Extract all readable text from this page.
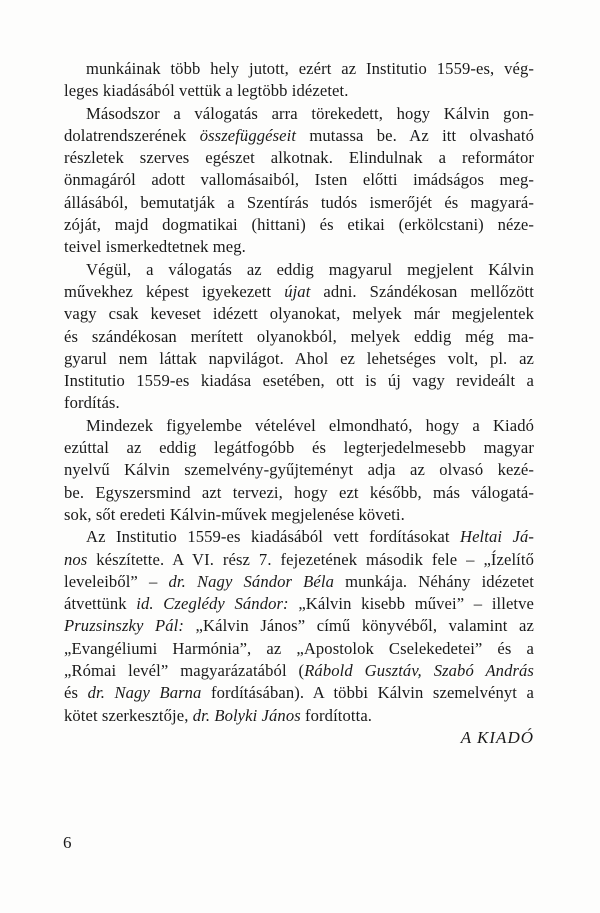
munkáinak több hely jutott, ezért az Institutio 1559-es, vég-
leges kiadásából vettük a legtöbb idézetet.
Másodszor a válogatás arra törekedett, hogy Kálvin gon-
dolatrendszerének összefüggéseit mutassa be. Az itt olvasható
részletek szerves egészet alkotnak. Elindulnak a reformátor
önmagáról adott vallomásaiból, Isten előtti imádságos meg-
állásából, bemutatják a Szentírás tudós ismerőjét és magyará-
zóját, majd dogmatikai (hittani) és etikai (erkölcstani) néze-
teivel ismerkedtetnek meg.
Végül, a válogatás az eddig magyarul megjelent Kálvin
művekhez képest igyekezett újat adni. Szándékosan mellőzött
vagy csak keveset idézett olyanokat, melyek már megjelentek
és szándékosan merített olyanokból, melyek eddig még ma-
gyarul nem láttak napvilágot. Ahol ez lehetséges volt, pl. az
Institutio 1559-es kiadása esetében, ott is új vagy revideált a
fordítás.
Mindezek figyelembe vételével elmondható, hogy a Kiadó
ezúttal az eddig legátfogóbb és legterjedelmesebb magyar
nyelvű Kálvin szemelvény-gyűjteményt adja az olvasó kezé-
be. Egyszersmind azt tervezi, hogy ezt később, más válogatá-
sok, sőt eredeti Kálvin-művek megjelenése követi.
Az Institutio 1559-es kiadásából vett fordításokat Heltai Já-
nos készítette. A VI. rész 7. fejezetének második fele – „Ízelítő
leveleiből” – dr. Nagy Sándor Béla munkája. Néhány idézetet
átvettünk id. Czeglédy Sándor: „Kálvin kisebb művei” – illetve
Pruzsinszky Pál: „Kálvin János” című könyvéből, valamint az
„Evangéliumi Harmónia”, az „Apostolok Cselekedetei” és a
„Római levél” magyarázatából (Rábold Gusztáv, Szabó András
és dr. Nagy Barna fordításában). A többi Kálvin szemelvényt a
kötet szerkesztője, dr. Bolyki János fordította.
A KIADÓ
6
